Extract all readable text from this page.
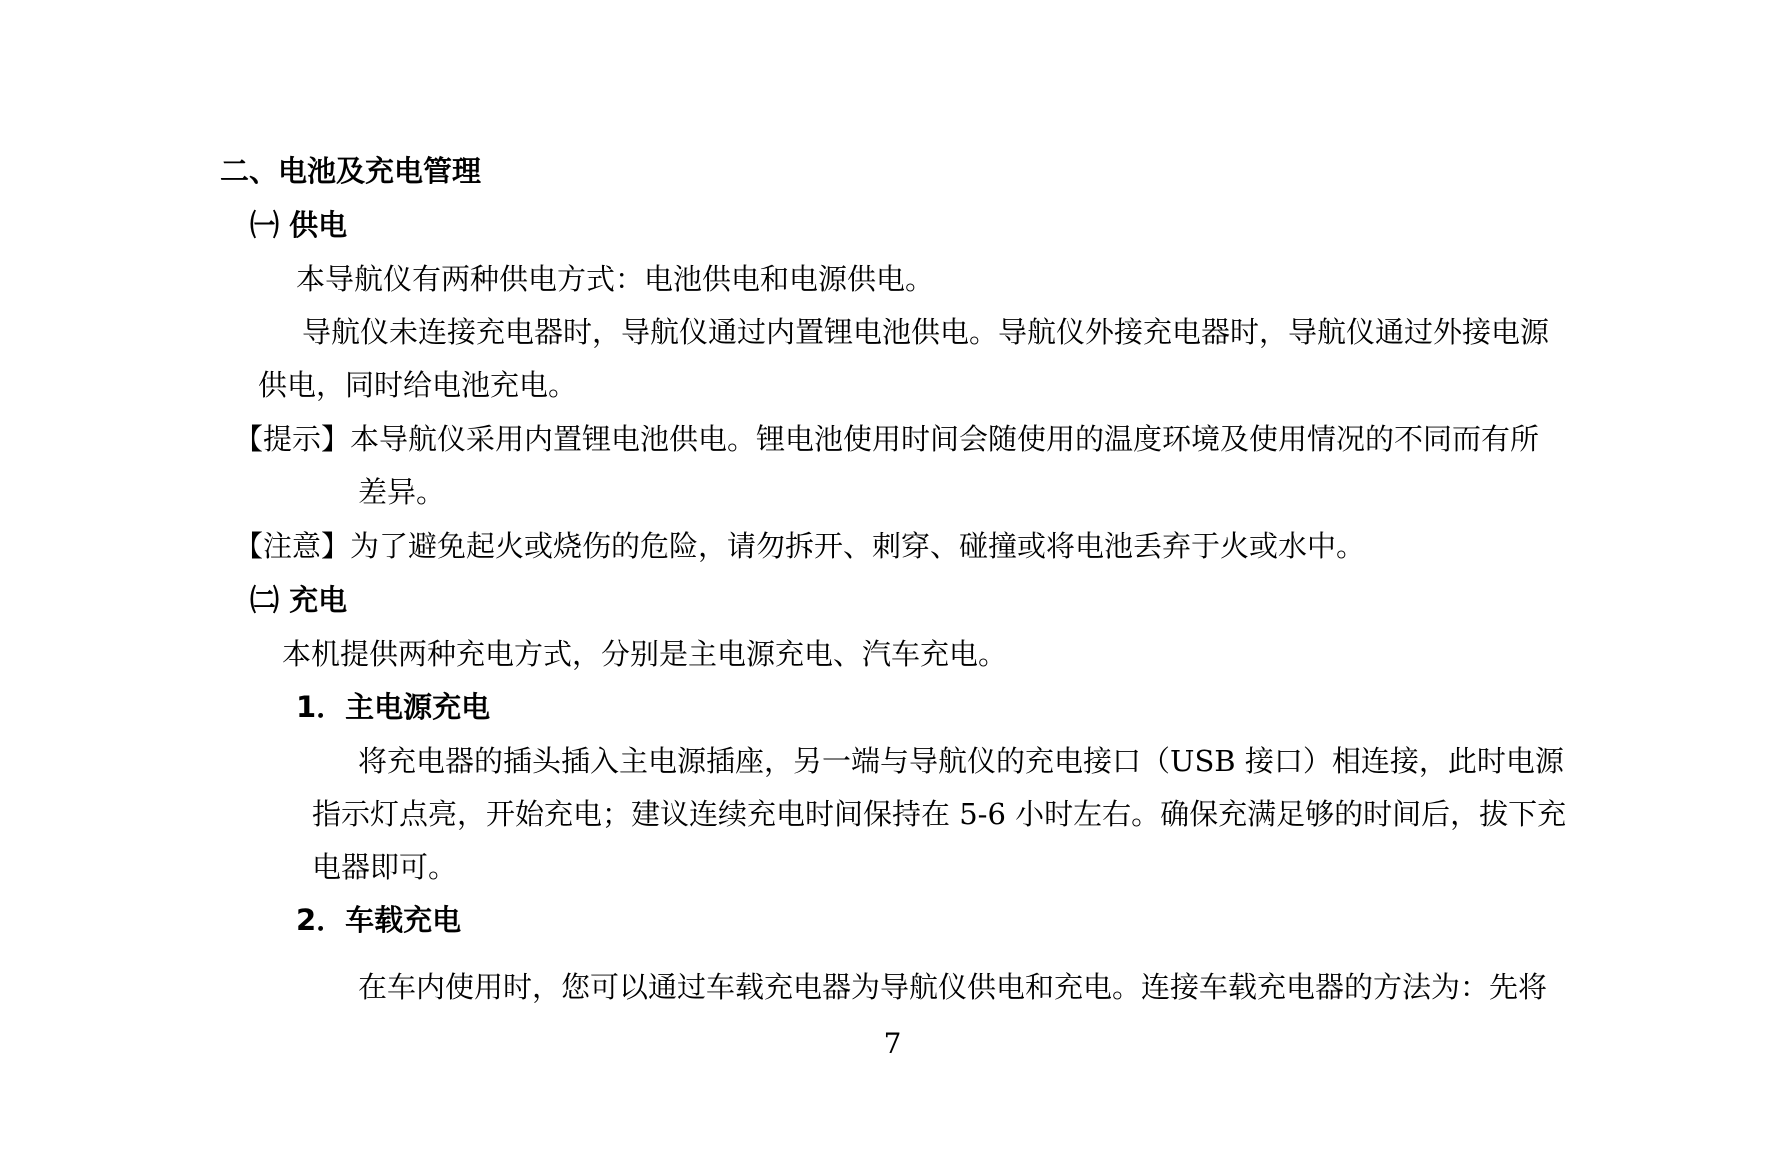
二、电池及充电管理
㈠ 供电
本导航仪有两种供电方式：电池供电和电源供电。
导航仪未连接充电器时，导航仪通过内置锂电池供电。导航仪外接充电器时，导航仪通过外接电源
供电，同时给电池充电。
【提示】本导航仪采用内置锂电池供电。锂电池使用时间会随使用的温度环境及使用情况的不同而有所
差异。
【注意】为了避免起火或烧伤的危险，请勿拆开、刺穿、碰撞或将电池丢弃于火或水中。
㈡ 充电
本机提供两种充电方式，分别是主电源充电、汽车充电。
1．主电源充电
将充电器的插头插入主电源插座，另一端与导航仪的充电接口（USB 接口）相连接，此时电源
指示灯点亮，开始充电；建议连续充电时间保持在 5-6 小时左右。确保充满足够的时间后，拔下充
电器即可。
2．车载充电
在车内使用时，您可以通过车载充电器为导航仪供电和充电。连接车载充电器的方法为：先将
7
